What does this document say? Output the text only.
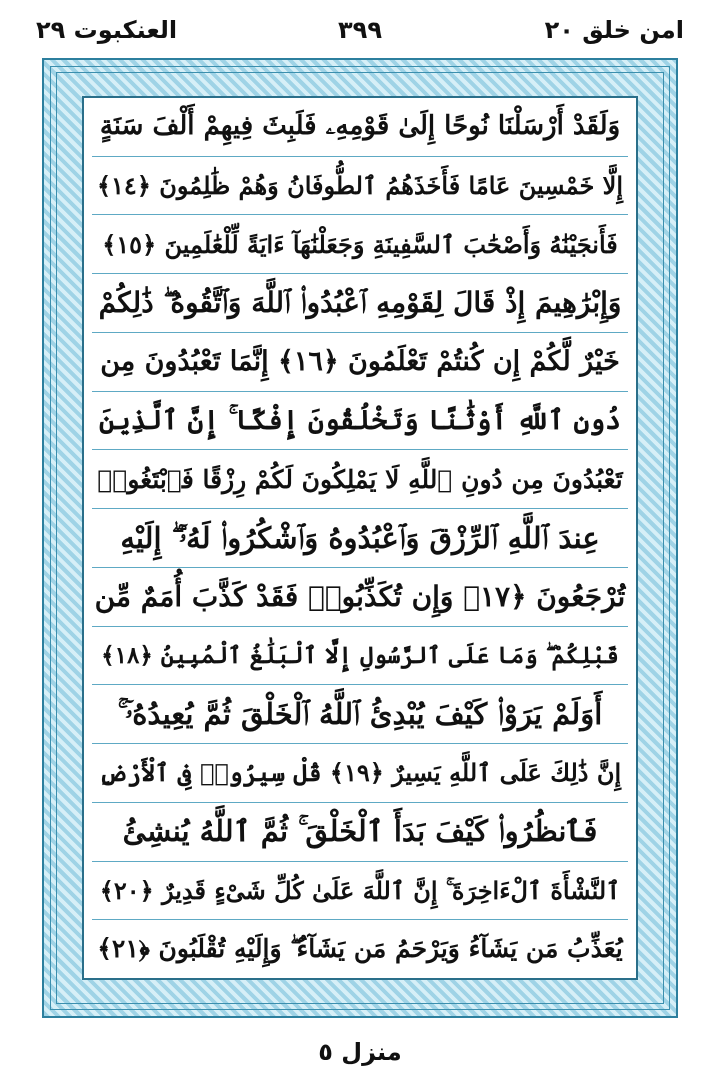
امن خلق ٢٠
٣٩٩
العنكبوت ٢٩
وَلَقَدْ أَرْسَلْنَا نُوحًا إِلَىٰ قَوْمِهِۦ فَلَبِثَ فِيهِمْ أَلْفَ سَنَةٍ
إِلَّا خَمْسِينَ عَامًا فَأَخَذَهُمُ ٱلطُّوفَانُ وَهُمْ ظَٰلِمُونَ ﴿١٤﴾
فَأَنجَيْنَٰهُ وَأَصْحَٰبَ ٱلسَّفِينَةِ وَجَعَلْنَٰهَآ ءَايَةً لِّلْعَٰلَمِينَ ﴿١٥﴾
وَإِبْرَٰهِيمَ إِذْ قَالَ لِقَوْمِهِ ٱعْبُدُوا۟ ٱللَّهَ وَٱتَّقُوهُ ۖ ذَٰلِكُمْ
خَيْرٌ لَّكُمْ إِن كُنتُمْ تَعْلَمُونَ ﴿١٦﴾ إِنَّمَا تَعْبُدُونَ مِن
دُونِ ٱللَّهِ أَوْثَٰنًا وَتَخْلُقُونَ إِفْكًا ۚ إِنَّ ٱلَّذِينَ
تَعْبُدُونَ مِن دُونِ ٱللَّهِ لَا يَمْلِكُونَ لَكُمْ رِزْقًا فَٱبْتَغُوا۟
عِندَ ٱللَّهِ ٱلرِّزْقَ وَٱعْبُدُوهُ وَٱشْكُرُوا۟ لَهُۥٓ ۖ إِلَيْهِ
تُرْجَعُونَ ﴿١٧﴾ وَإِن تُكَذِّبُوا۟ فَقَدْ كَذَّبَ أُمَمٌ مِّن
قَبْلِكُمْ ۖ وَمَا عَلَى ٱلرَّسُولِ إِلَّا ٱلْبَلَٰغُ ٱلْمُبِينُ ﴿١٨﴾
أَوَلَمْ يَرَوْا۟ كَيْفَ يُبْدِئُ ٱللَّهُ ٱلْخَلْقَ ثُمَّ يُعِيدُهُۥٓ ۚ
إِنَّ ذَٰلِكَ عَلَى ٱللَّهِ يَسِيرٌ ﴿١٩﴾ قُلْ سِيرُوا۟ فِى ٱلْأَرْضِ
فَٱنظُرُوا۟ كَيْفَ بَدَأَ ٱلْخَلْقَ ۚ ثُمَّ ٱللَّهُ يُنشِئُ
ٱلنَّشْأَةَ ٱلْءَاخِرَةَ ۚ إِنَّ ٱللَّهَ عَلَىٰ كُلِّ شَىْءٍ قَدِيرٌ ﴿٢٠﴾
يُعَذِّبُ مَن يَشَآءُ وَيَرْحَمُ مَن يَشَآءُ ۖ وَإِلَيْهِ تُقْلَبُونَ ﴿٢١﴾
منزل ٥
